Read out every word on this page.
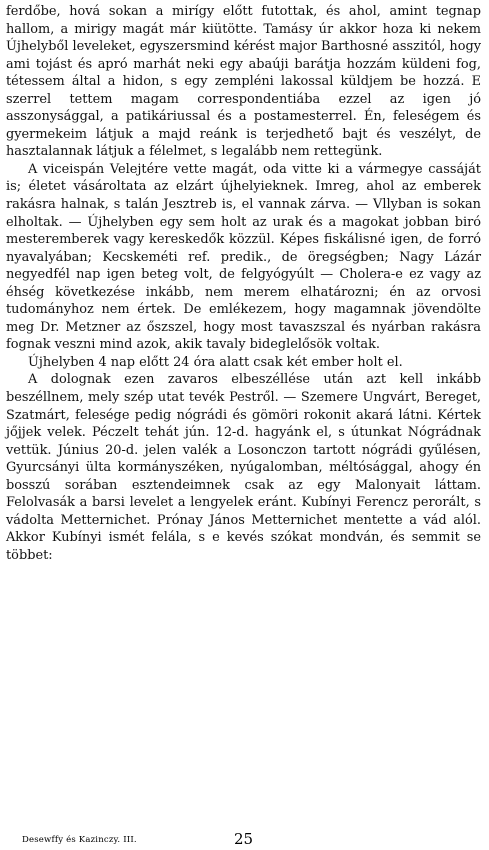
ferdőbe, hová sokan a mirígy előtt futottak, és ahol, amint tegnap hallom, a mirigy magát már kiütötte. Tamásy úr akkor hoza ki nekem Újhelyből leveleket, egyszersmind kérést major Barthosné asszitól, hogy ami tojást és apró marhát neki egy abaúji barátja hozzám küldeni fog, tétessem által a hidon, s egy zempléni lakossal küldjem be hozzá. E szerrel tettem magam correspondentiába ezzel az igen jó asszonysággal, a patikáriussal és a postamesterrel. Én, feleségem és gyermekeim látjuk a majd reánk is terjedhető bajt és veszélyt, de hasztalannak látjuk a félelmet, s legalább nem rettegünk.

A viceispán Velejtére vette magát, oda vitte ki a vármegye cassáját is; életet vásároltata az elzárt újhelyieknek. Imreg, ahol az emberek rakásra halnak, s talán Jesztreb is, el vannak zárva. — Vllyban is sokan elholtak. — Újhelyben egy sem holt az urak és a magokat jobban biró mesteremberek vagy kereskedők közzül. Képes fiskálisné igen, de forró nyavalyában; Kecskeméti ref. predik., de öregségben; Nagy Lázár negyedfél nap igen beteg volt, de felgyógyúlt — Cholera-e ez vagy az éhség következése inkább, nem merem elhatározni; én az orvosi tudományhoz nem értek. De emlékezem, hogy magamnak jövendölte meg Dr. Metzner az őszszel, hogy most tavaszszal és nyárban rakásra fognak veszni mind azok, akik tavaly bideglelősök voltak.

Újhelyben 4 nap előtt 24 óra alatt csak két ember holt el.

A dolognak ezen zavaros elbeszéllése után azt kell inkább beszéllnem, mely szép utat tevék Pestről. — Szemere Ungvárt, Bereget, Szatmárt, felesége pedig nógrádi és gömöri rokonit akará látni. Kértek jőjjek velek. Péczelt tehát jún. 12-d. hagyánk el, s útunkat Nógrádnak vettük. Június 20-d. jelen valék a Losonczon tartott nógrádi gyűlésen, Gyurcsányi ülta kormányszéken, nyúgalomban, méltósággal, ahogy én bosszú sorában esztendeimnek csak az egy Malonyait láttam. Felolvasák a barsi levelet a lengyelek eránt. Kubínyi Ferencz perorált, s vádolta Metternichet. Prónay János Metternichet mentette a vád alól. Akkor Kubínyi ismét felála, s e kevés szókat mondván, és semmit se többet:

Desewffy és Kazinczy. III.	25
